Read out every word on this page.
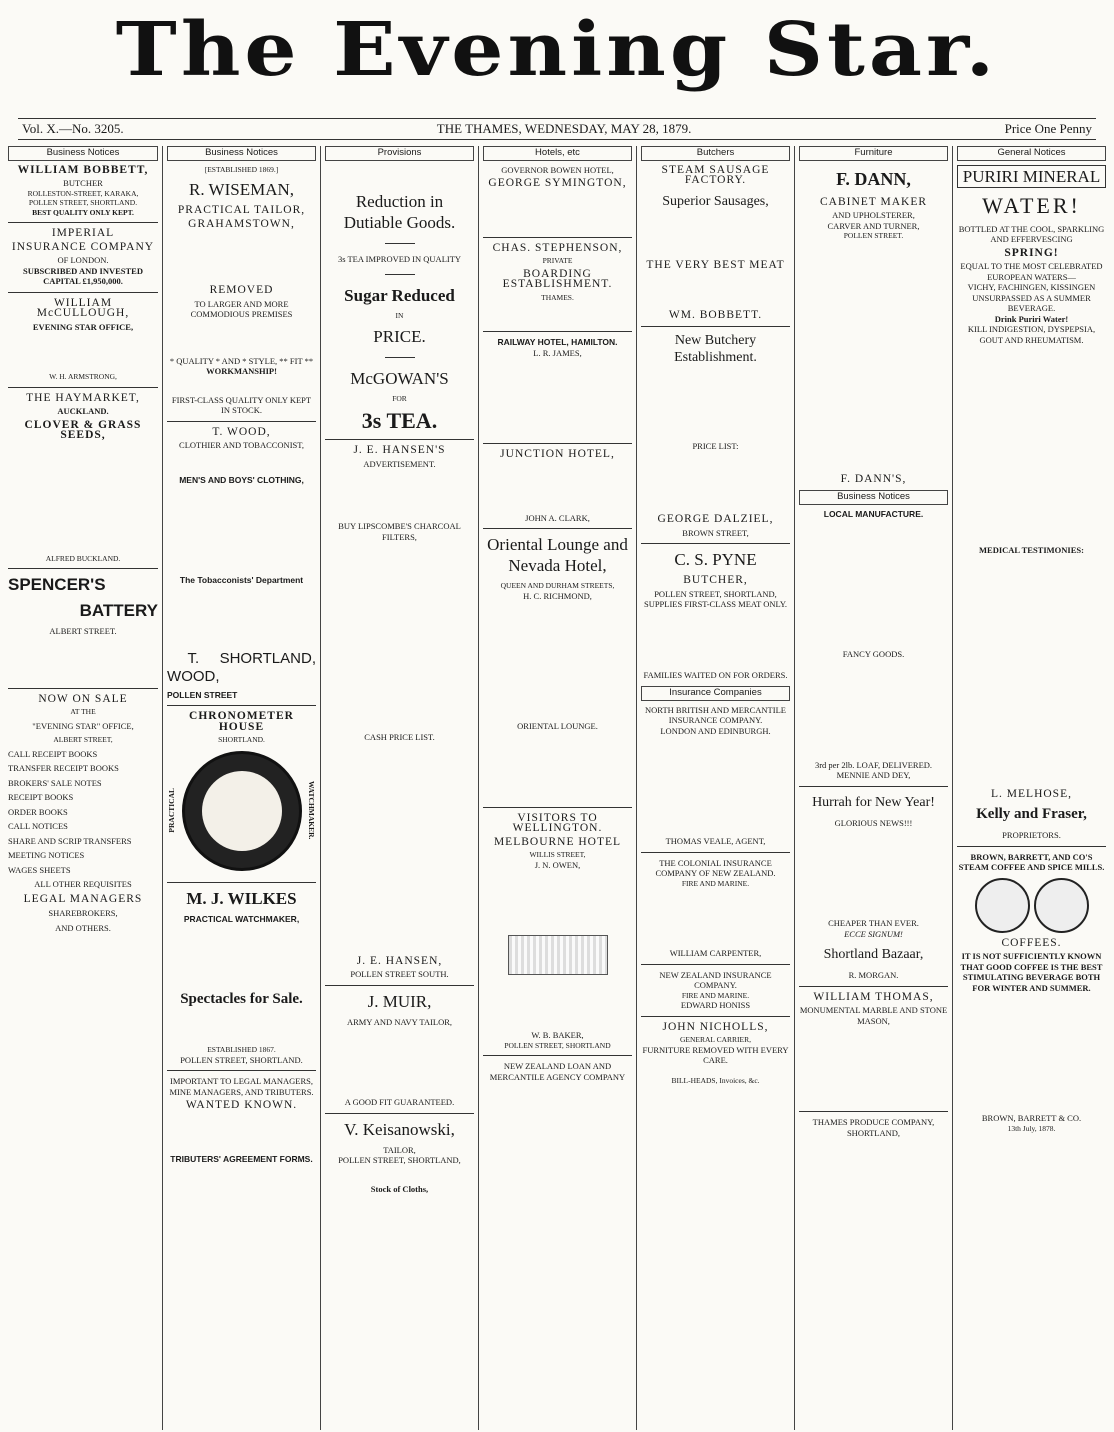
The Evening Star.
Vol. X.—No. 3205.	THE THAMES, WEDNESDAY, MAY 28, 1879.	Price One Penny
Business Notices
WILLIAM BOBBETT,
BUTCHER
ROLLESTON-STREET, KARAKA,
POLLEN STREET, SHORTLAND.
BEST QUALITY ONLY KEPT.
IMPERIAL
INSURANCE COMPANY
OF LONDON.
SUBSCRIBED AND INVESTED
CAPITAL £1,950,000.
WILLIAM McCULLOUGH,
EVENING STAR OFFICE,
W. H. ARMSTRONG,
THE HAYMARKET,
AUCKLAND.
CLOVER & GRASS SEEDS,
ALFRED BUCKLAND.
SPENCER'S
BATTERY
ALBERT STREET.
NOW ON SALE
AT THE
"EVENING STAR" OFFICE,
ALBERT STREET,
CALL RECEIPT BOOKS
TRANSFER RECEIPT BOOKS
BROKERS' SALE NOTES
RECEIPT BOOKS
ORDER BOOKS
CALL NOTICES
SHARE AND SCRIP TRANSFERS
MEETING NOTICES
WAGES SHEETS
ALL OTHER REQUISITES
LEGAL MANAGERS
SHAREBROKERS,
AND OTHERS.
Business Notices
[ESTABLISHED 1869.]
R. WISEMAN,
PRACTICAL TAILOR,
GRAHAMSTOWN,
REMOVED
TO LARGER AND MORE COMMODIOUS PREMISES
* QUALITY * AND * STYLE, ** FIT **
WORKMANSHIP!
FIRST-CLASS QUALITY ONLY KEPT IN STOCK.
T. WOOD,
CLOTHIER AND TOBACCONIST,
MEN'S AND BOYS' CLOTHING,
The Tobacconists' Department
T. WOOD,
SHORTLAND,
POLLEN STREET
CHRONOMETER HOUSE
SHORTLAND.
PRACTICAL	WATCHMAKER.
M. J. WILKES
PRACTICAL WATCHMAKER,
Spectacles for Sale.
ESTABLISHED 1867.
POLLEN STREET, SHORTLAND.
IMPORTANT TO LEGAL MANAGERS, MINE MANAGERS, AND TRIBUTERS.
WANTED KNOWN.
TRIBUTERS' AGREEMENT FORMS.
Provisions
Reduction in Dutiable Goods.
3s TEA IMPROVED IN QUALITY
Sugar Reduced
IN
PRICE.
McGOWAN'S
FOR
3s TEA.
J. E. HANSEN'S
ADVERTISEMENT.
BUY LIPSCOMBE'S CHARCOAL FILTERS,
CASH PRICE LIST.
J. E. HANSEN,
POLLEN STREET SOUTH.
J. MUIR,
ARMY AND NAVY TAILOR,
A GOOD FIT GUARANTEED.
V. Keisanowski,
TAILOR,
POLLEN STREET, SHORTLAND,
Stock of Cloths,
Hotels, etc
GOVERNOR BOWEN HOTEL,
GEORGE SYMINGTON,
CHAS. STEPHENSON,
PRIVATE
BOARDING ESTABLISHMENT.
THAMES.
RAILWAY HOTEL, HAMILTON.
L. R. JAMES,
JUNCTION HOTEL,
JOHN A. CLARK,
Oriental Lounge and Nevada Hotel,
QUEEN AND DURHAM STREETS,
H. C. RICHMOND,
ORIENTAL LOUNGE.
VISITORS TO WELLINGTON.
MELBOURNE HOTEL
WILLIS STREET,
J. N. OWEN,
W. B. BAKER,
POLLEN STREET, SHORTLAND
NEW ZEALAND LOAN AND MERCANTILE AGENCY COMPANY
Butchers
STEAM SAUSAGE FACTORY.
Superior Sausages,
THE VERY BEST MEAT
WM. BOBBETT.
New Butchery Establishment.
PRICE LIST:
GEORGE DALZIEL,
BROWN STREET,
C. S. PYNE
BUTCHER,
POLLEN STREET, SHORTLAND,
SUPPLIES FIRST-CLASS MEAT ONLY.
FAMILIES WAITED ON FOR ORDERS.
Insurance Companies
NORTH BRITISH AND MERCANTILE INSURANCE COMPANY.
LONDON AND EDINBURGH.
THOMAS VEALE, AGENT,
THE COLONIAL INSURANCE COMPANY OF NEW ZEALAND.
FIRE AND MARINE.
WILLIAM CARPENTER,
NEW ZEALAND INSURANCE COMPANY.
FIRE AND MARINE.
EDWARD HONISS
JOHN NICHOLLS,
GENERAL CARRIER,
FURNITURE REMOVED WITH EVERY CARE.
BILL-HEADS, Invoices, &c.
Furniture
F. DANN,
CABINET MAKER
AND UPHOLSTERER,
CARVER AND TURNER,
POLLEN STREET.
F. DANN'S,
Business Notices
LOCAL MANUFACTURE.
FANCY GOODS.
3rd per 2lb. LOAF, DELIVERED.
MENNIE AND DEY,
Hurrah for New Year!
GLORIOUS NEWS!!!
CHEAPER THAN EVER.
ECCE SIGNUM!
Shortland Bazaar,
R. MORGAN.
WILLIAM THOMAS,
MONUMENTAL MARBLE AND STONE MASON,
THAMES PRODUCE COMPANY,
SHORTLAND,
General Notices
PURIRI MINERAL
WATER!
BOTTLED AT THE COOL, SPARKLING AND EFFERVESCING
SPRING!
EQUAL TO THE MOST CELEBRATED EUROPEAN WATERS—
VICHY, FACHINGEN, KISSINGEN
UNSURPASSED AS A SUMMER BEVERAGE.
Drink Puriri Water!
KILL INDIGESTION, DYSPEPSIA, GOUT AND RHEUMATISM.
MEDICAL TESTIMONIES:
L. MELHOSE,
Kelly and Fraser,
PROPRIETORS.
BROWN, BARRETT, AND CO'S
STEAM COFFEE AND SPICE MILLS.
COFFEES.
IT IS NOT SUFFICIENTLY KNOWN THAT GOOD COFFEE IS THE BEST STIMULATING BEVERAGE BOTH FOR WINTER AND SUMMER.
BROWN, BARRETT & CO.
13th July, 1878.
